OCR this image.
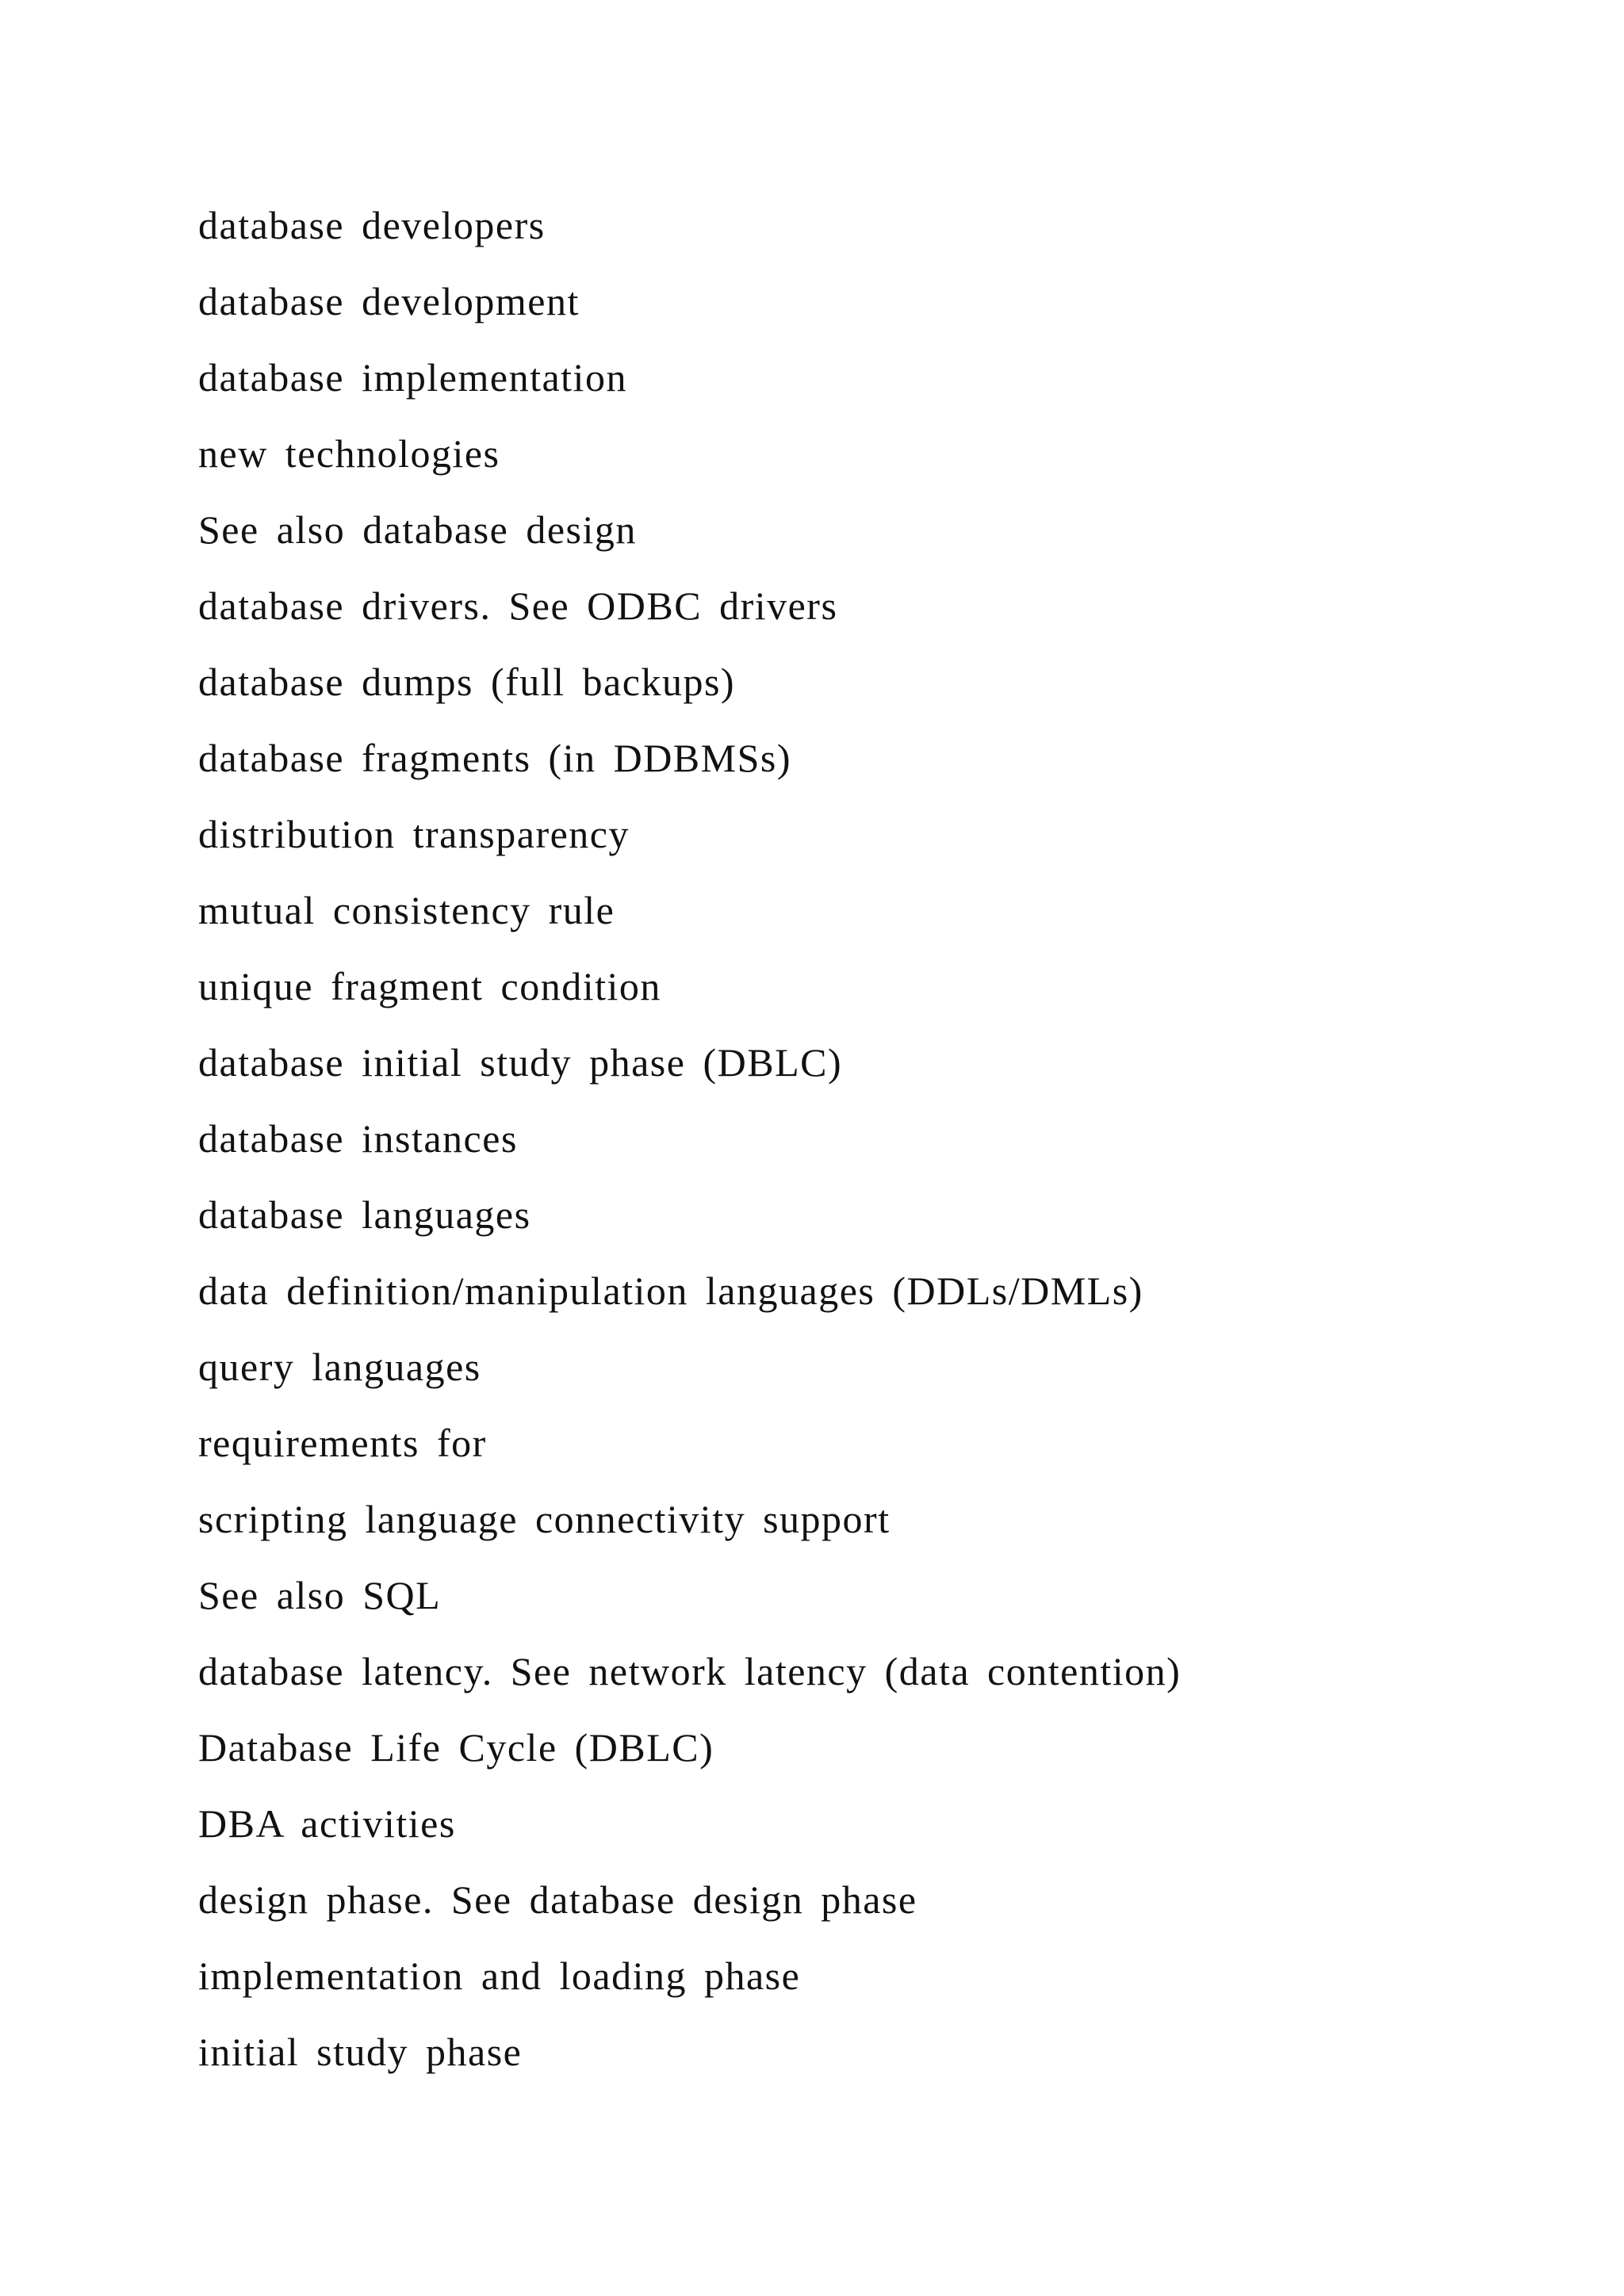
database developers
database development
database implementation
new technologies
See also database design
database drivers. See ODBC drivers
database dumps (full backups)
database fragments (in DDBMSs)
distribution transparency
mutual consistency rule
unique fragment condition
database initial study phase (DBLC)
database instances
database languages
data definition/manipulation languages (DDLs/DMLs)
query languages
requirements for
scripting language connectivity support
See also SQL
database latency. See network latency (data contention)
Database Life Cycle (DBLC)
DBA activities
design phase. See database design phase
implementation and loading phase
initial study phase
